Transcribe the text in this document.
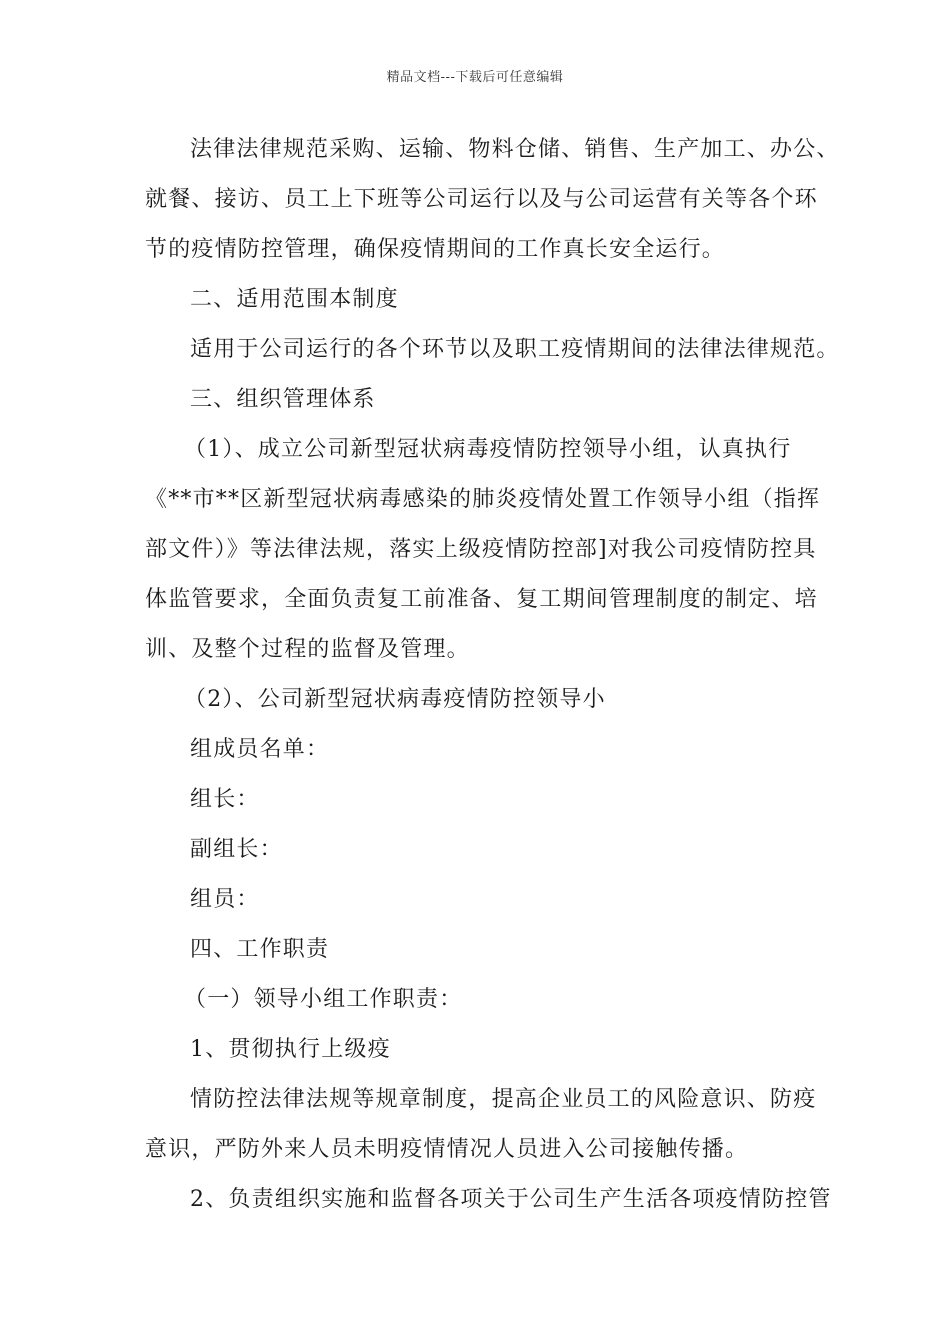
精品文档---下载后可任意编辑
法律法律规范采购、运输、物料仓储、销售、生产加工、办公、
就餐、接访、员工上下班等公司运行以及与公司运营有关等各个环
节的疫情防控管理，确保疫情期间的工作真长安全运行。
二、适用范围本制度
适用于公司运行的各个环节以及职工疫情期间的法律法律规范。
三、组织管理体系
（1）、成立公司新型冠状病毒疫情防控领导小组，认真执行
《**市**区新型冠状病毒感染的肺炎疫情处置工作领导小组（指挥
部文件）》等法律法规，落实上级疫情防控部]对我公司疫情防控具
体监管要求，全面负责复工前准备、复工期间管理制度的制定、培
训、及整个过程的监督及管理。
（2）、公司新型冠状病毒疫情防控领导小
组成员名单：
组长：
副组长：
组员：
四、工作职责
（一）领导小组工作职责：
1、贯彻执行上级疫
情防控法律法规等规章制度，提高企业员工的风险意识、防疫
意识，严防外来人员未明疫情情况人员进入公司接触传播。
2、负责组织实施和监督各项关于公司生产生活各项疫情防控管
